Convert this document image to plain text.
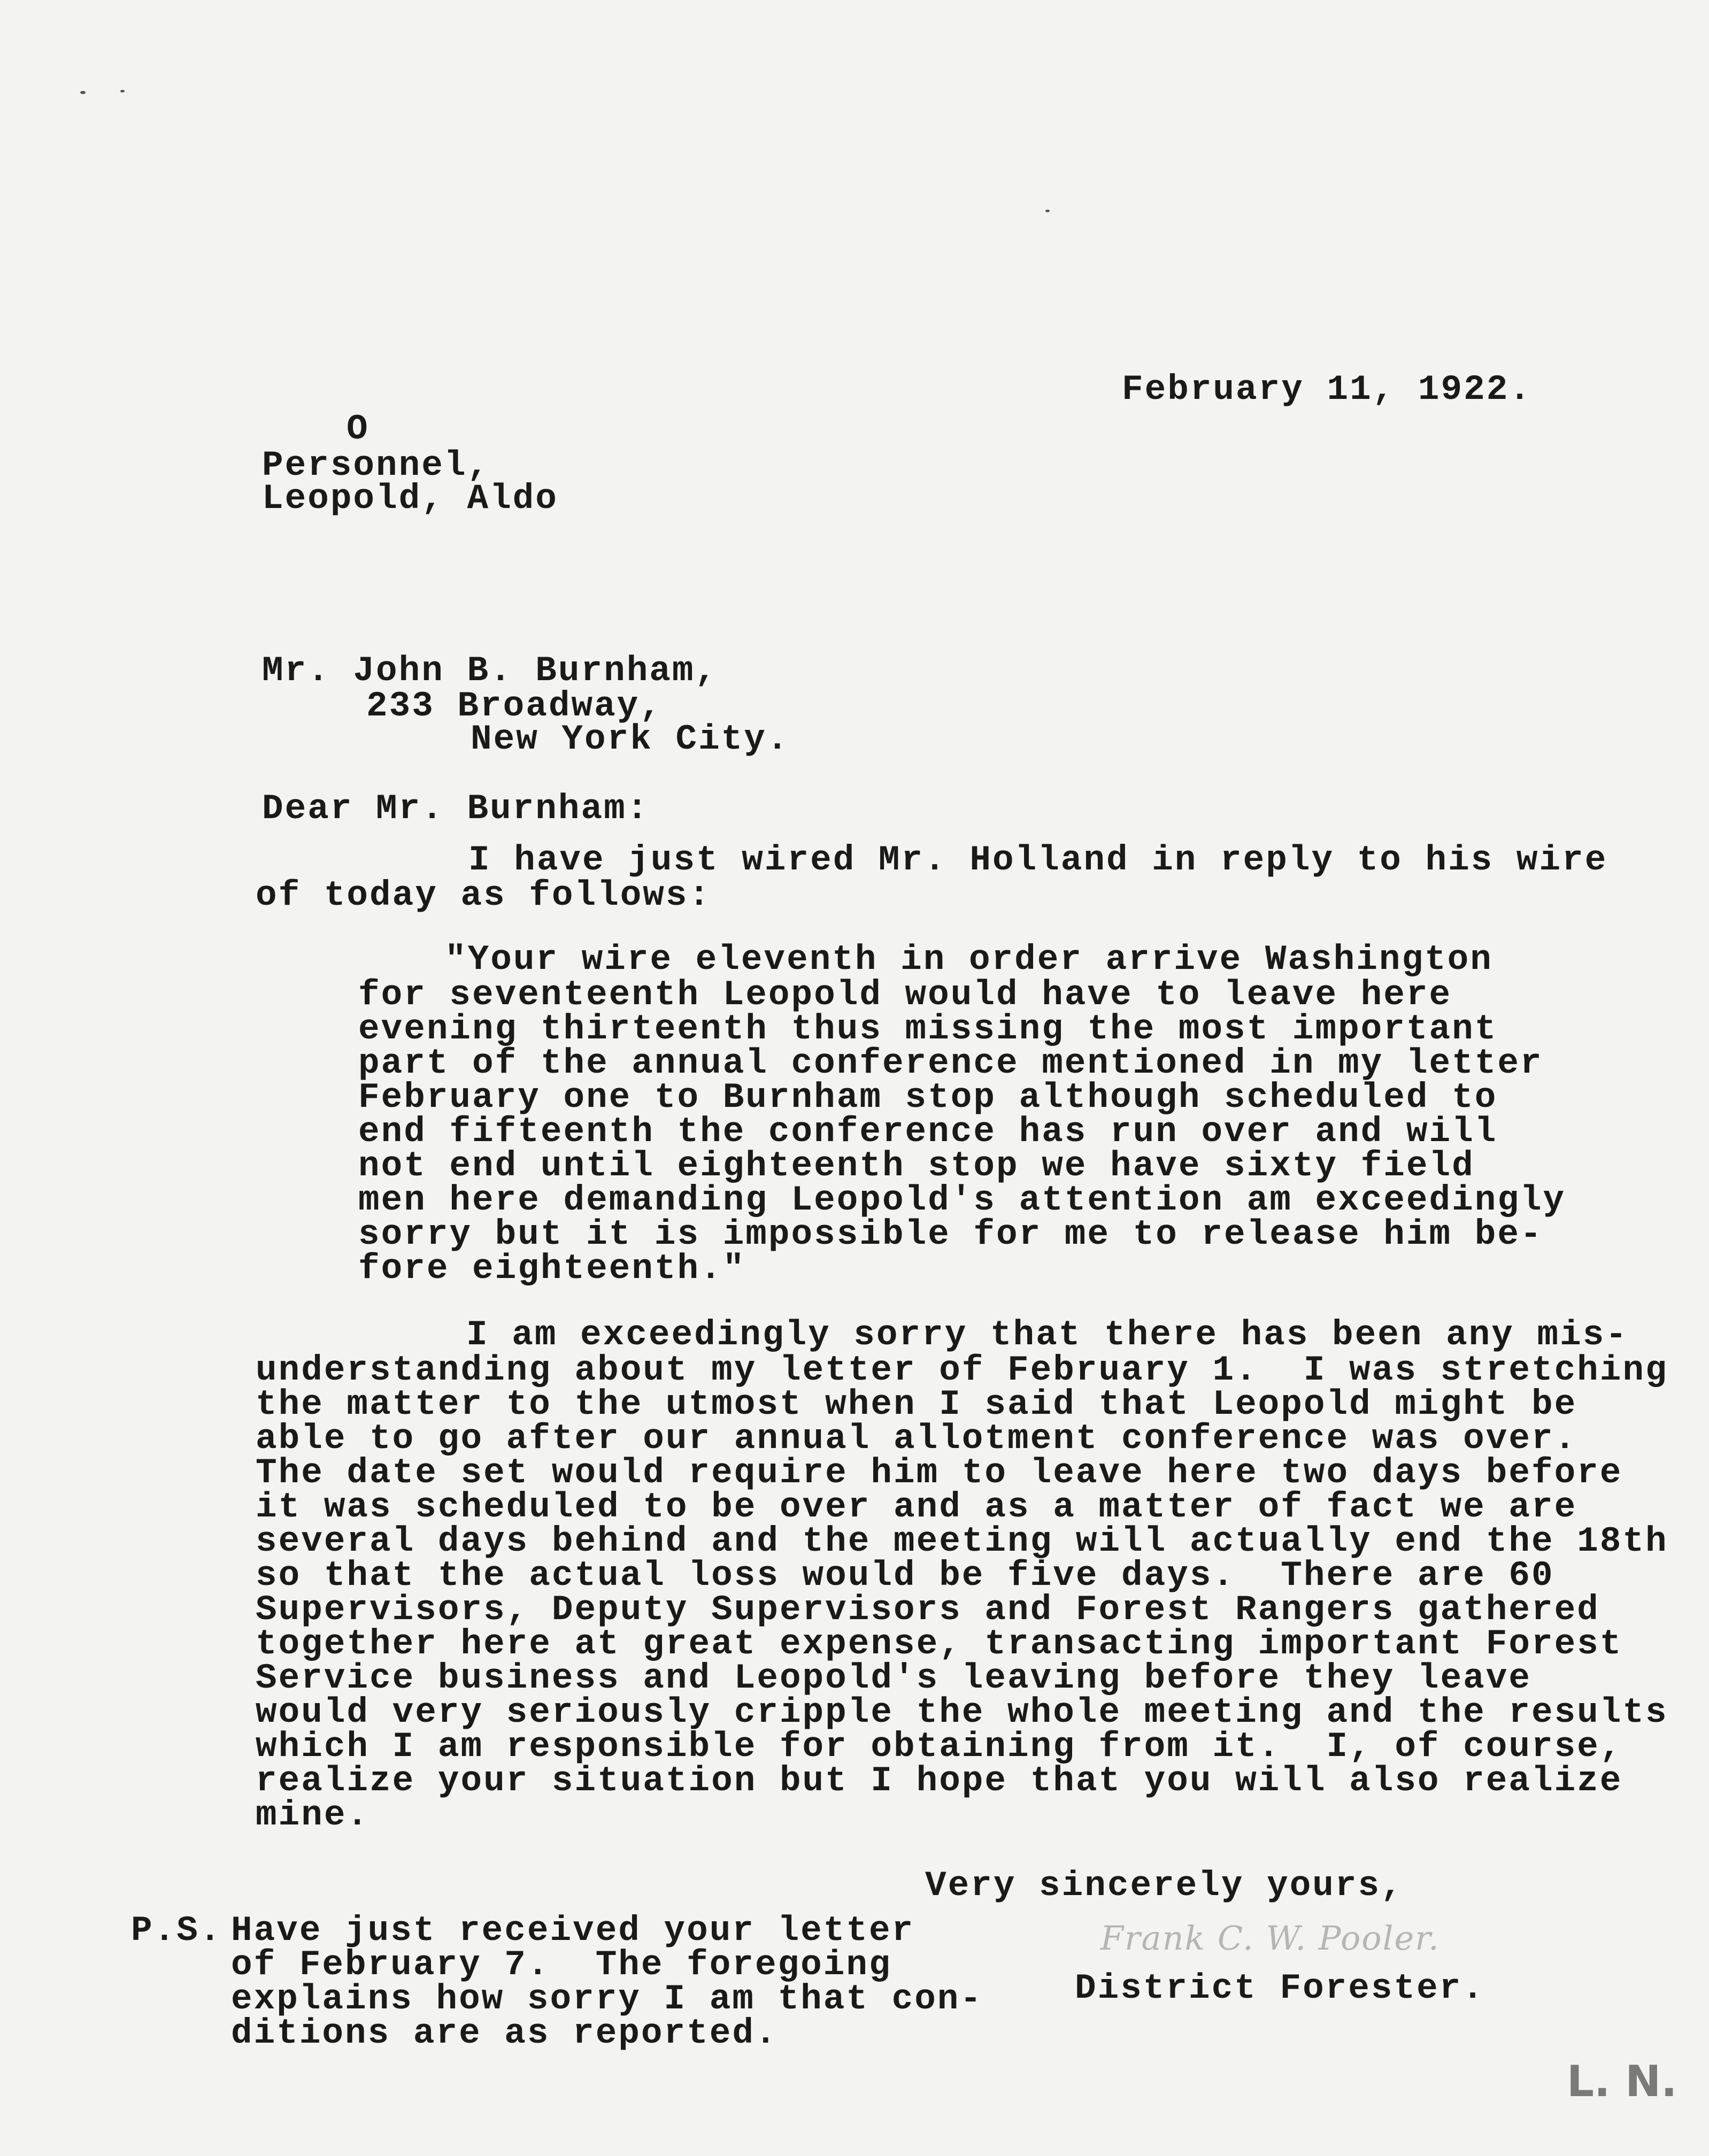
February 11, 1922.
O
Personnel,
Leopold, Aldo
Mr. John B. Burnham,
233 Broadway,
New York City.
Dear Mr. Burnham:
I have just wired Mr. Holland in reply to his wire
of today as follows:
"Your wire eleventh in order arrive Washington
for seventeenth Leopold would have to leave here
evening thirteenth thus missing the most important
part of the annual conference mentioned in my letter
February one to Burnham stop although scheduled to
end fifteenth the conference has run over and will
not end until eighteenth stop we have sixty field
men here demanding Leopold's attention am exceedingly
sorry but it is impossible for me to release him be-
fore eighteenth."
I am exceedingly sorry that there has been any mis-
understanding about my letter of February 1.  I was stretching
the matter to the utmost when I said that Leopold might be
able to go after our annual allotment conference was over.
The date set would require him to leave here two days before
it was scheduled to be over and as a matter of fact we are
several days behind and the meeting will actually end the 18th
so that the actual loss would be five days.  There are 60
Supervisors, Deputy Supervisors and Forest Rangers gathered
together here at great expense, transacting important Forest
Service business and Leopold's leaving before they leave
would very seriously cripple the whole meeting and the results
which I am responsible for obtaining from it.  I, of course,
realize your situation but I hope that you will also realize
mine.
Very sincerely yours,
Frank C. W. Pooler.
District Forester.
P.S. Have just received your letter
of February 7.  The foregoing
explains how sorry I am that con-
ditions are as reported.
L. N.
